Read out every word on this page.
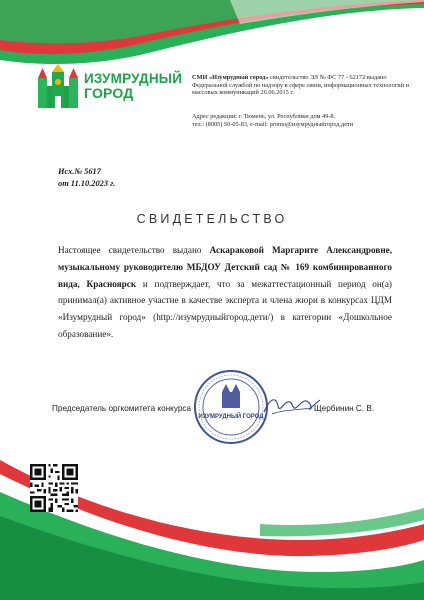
ИЗУМРУДНЫЙ
ГОРОД
СМИ «Изумрудный город» свидетельство ЭЛ № ФС 77 - 62172 выдано Федеральной службой по надзору в сфере связи, информационных технологий и массовых коммуникаций 26.06.2015 г.
Адрес редакции: г. Тюмень, ул. Республики дом 49-8.
тел.: (8005) 50-05-83, e-mail: promo@изумрудныйгород.дети
Исх.№ 5617
от 11.10.2023 г.
СВИДЕТЕЛЬСТВО
Настоящее свидетельство выдано Аскараковой Маргарите Александровне, музыкальному руководителю МБДОУ Детский сад № 169 комбинированного вида, Красноярск и подтверждает, что за межаттестационный период он(а) принимал(а) активное участие в качестве эксперта и члена жюри в конкурсах ЦДМ «Изумрудный город» (http://изумрудныйгород.дети/) в категории «Дошкольное образование».
ИЗУМРУДНЫЙ ГОРОД
Председатель оргкомитета конкурса	Щербинин С. В.
